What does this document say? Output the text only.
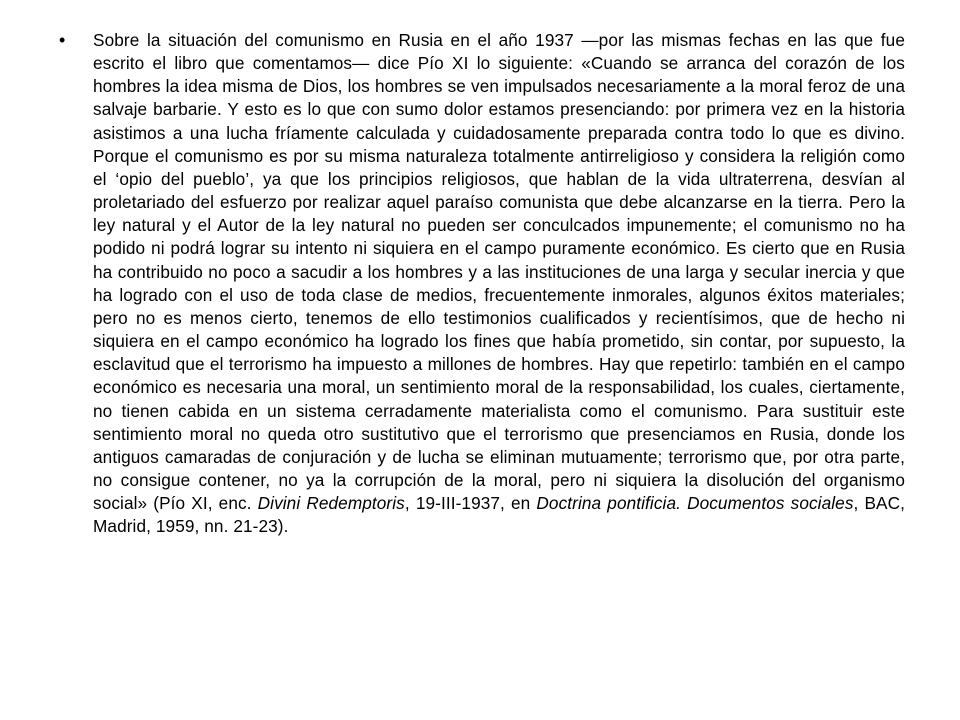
• Sobre la situación del comunismo en Rusia en el año 1937 —por las mismas fechas en las que fue escrito el libro que comentamos— dice Pío XI lo siguiente: «Cuando se arranca del corazón de los hombres la idea misma de Dios, los hombres se ven impulsados necesariamente a la moral feroz de una salvaje barbarie. Y esto es lo que con sumo dolor estamos presenciando: por primera vez en la historia asistimos a una lucha fríamente calculada y cuidadosamente preparada contra todo lo que es divino. Porque el comunismo es por su misma naturaleza totalmente antirreligioso y considera la religión como el ‘opio del pueblo’, ya que los principios religiosos, que hablan de la vida ultraterrena, desvían al proletariado del esfuerzo por realizar aquel paraíso comunista que debe alcanzarse en la tierra. Pero la ley natural y el Autor de la ley natural no pueden ser conculcados impunemente; el comunismo no ha podido ni podrá lograr su intento ni siquiera en el campo puramente económico. Es cierto que en Rusia ha contribuido no poco a sacudir a los hombres y a las instituciones de una larga y secular inercia y que ha logrado con el uso de toda clase de medios, frecuentemente inmorales, algunos éxitos materiales; pero no es menos cierto, tenemos de ello testimonios cualificados y recientísimos, que de hecho ni siquiera en el campo económico ha logrado los fines que había prometido, sin contar, por supuesto, la esclavitud que el terrorismo ha impuesto a millones de hombres. Hay que repetirlo: también en el campo económico es necesaria una moral, un sentimiento moral de la responsabilidad, los cuales, ciertamente, no tienen cabida en un sistema cerradamente materialista como el comunismo. Para sustituir este sentimiento moral no queda otro sustitutivo que el terrorismo que presenciamos en Rusia, donde los antiguos camaradas de conjuración y de lucha se eliminan mutuamente; terrorismo que, por otra parte, no consigue contener, no ya la corrupción de la moral, pero ni siquiera la disolución del organismo social» (Pío XI, enc. Divini Redemptoris, 19-III-1937, en Doctrina pontificia. Documentos sociales, BAC, Madrid, 1959, nn. 21-23).
